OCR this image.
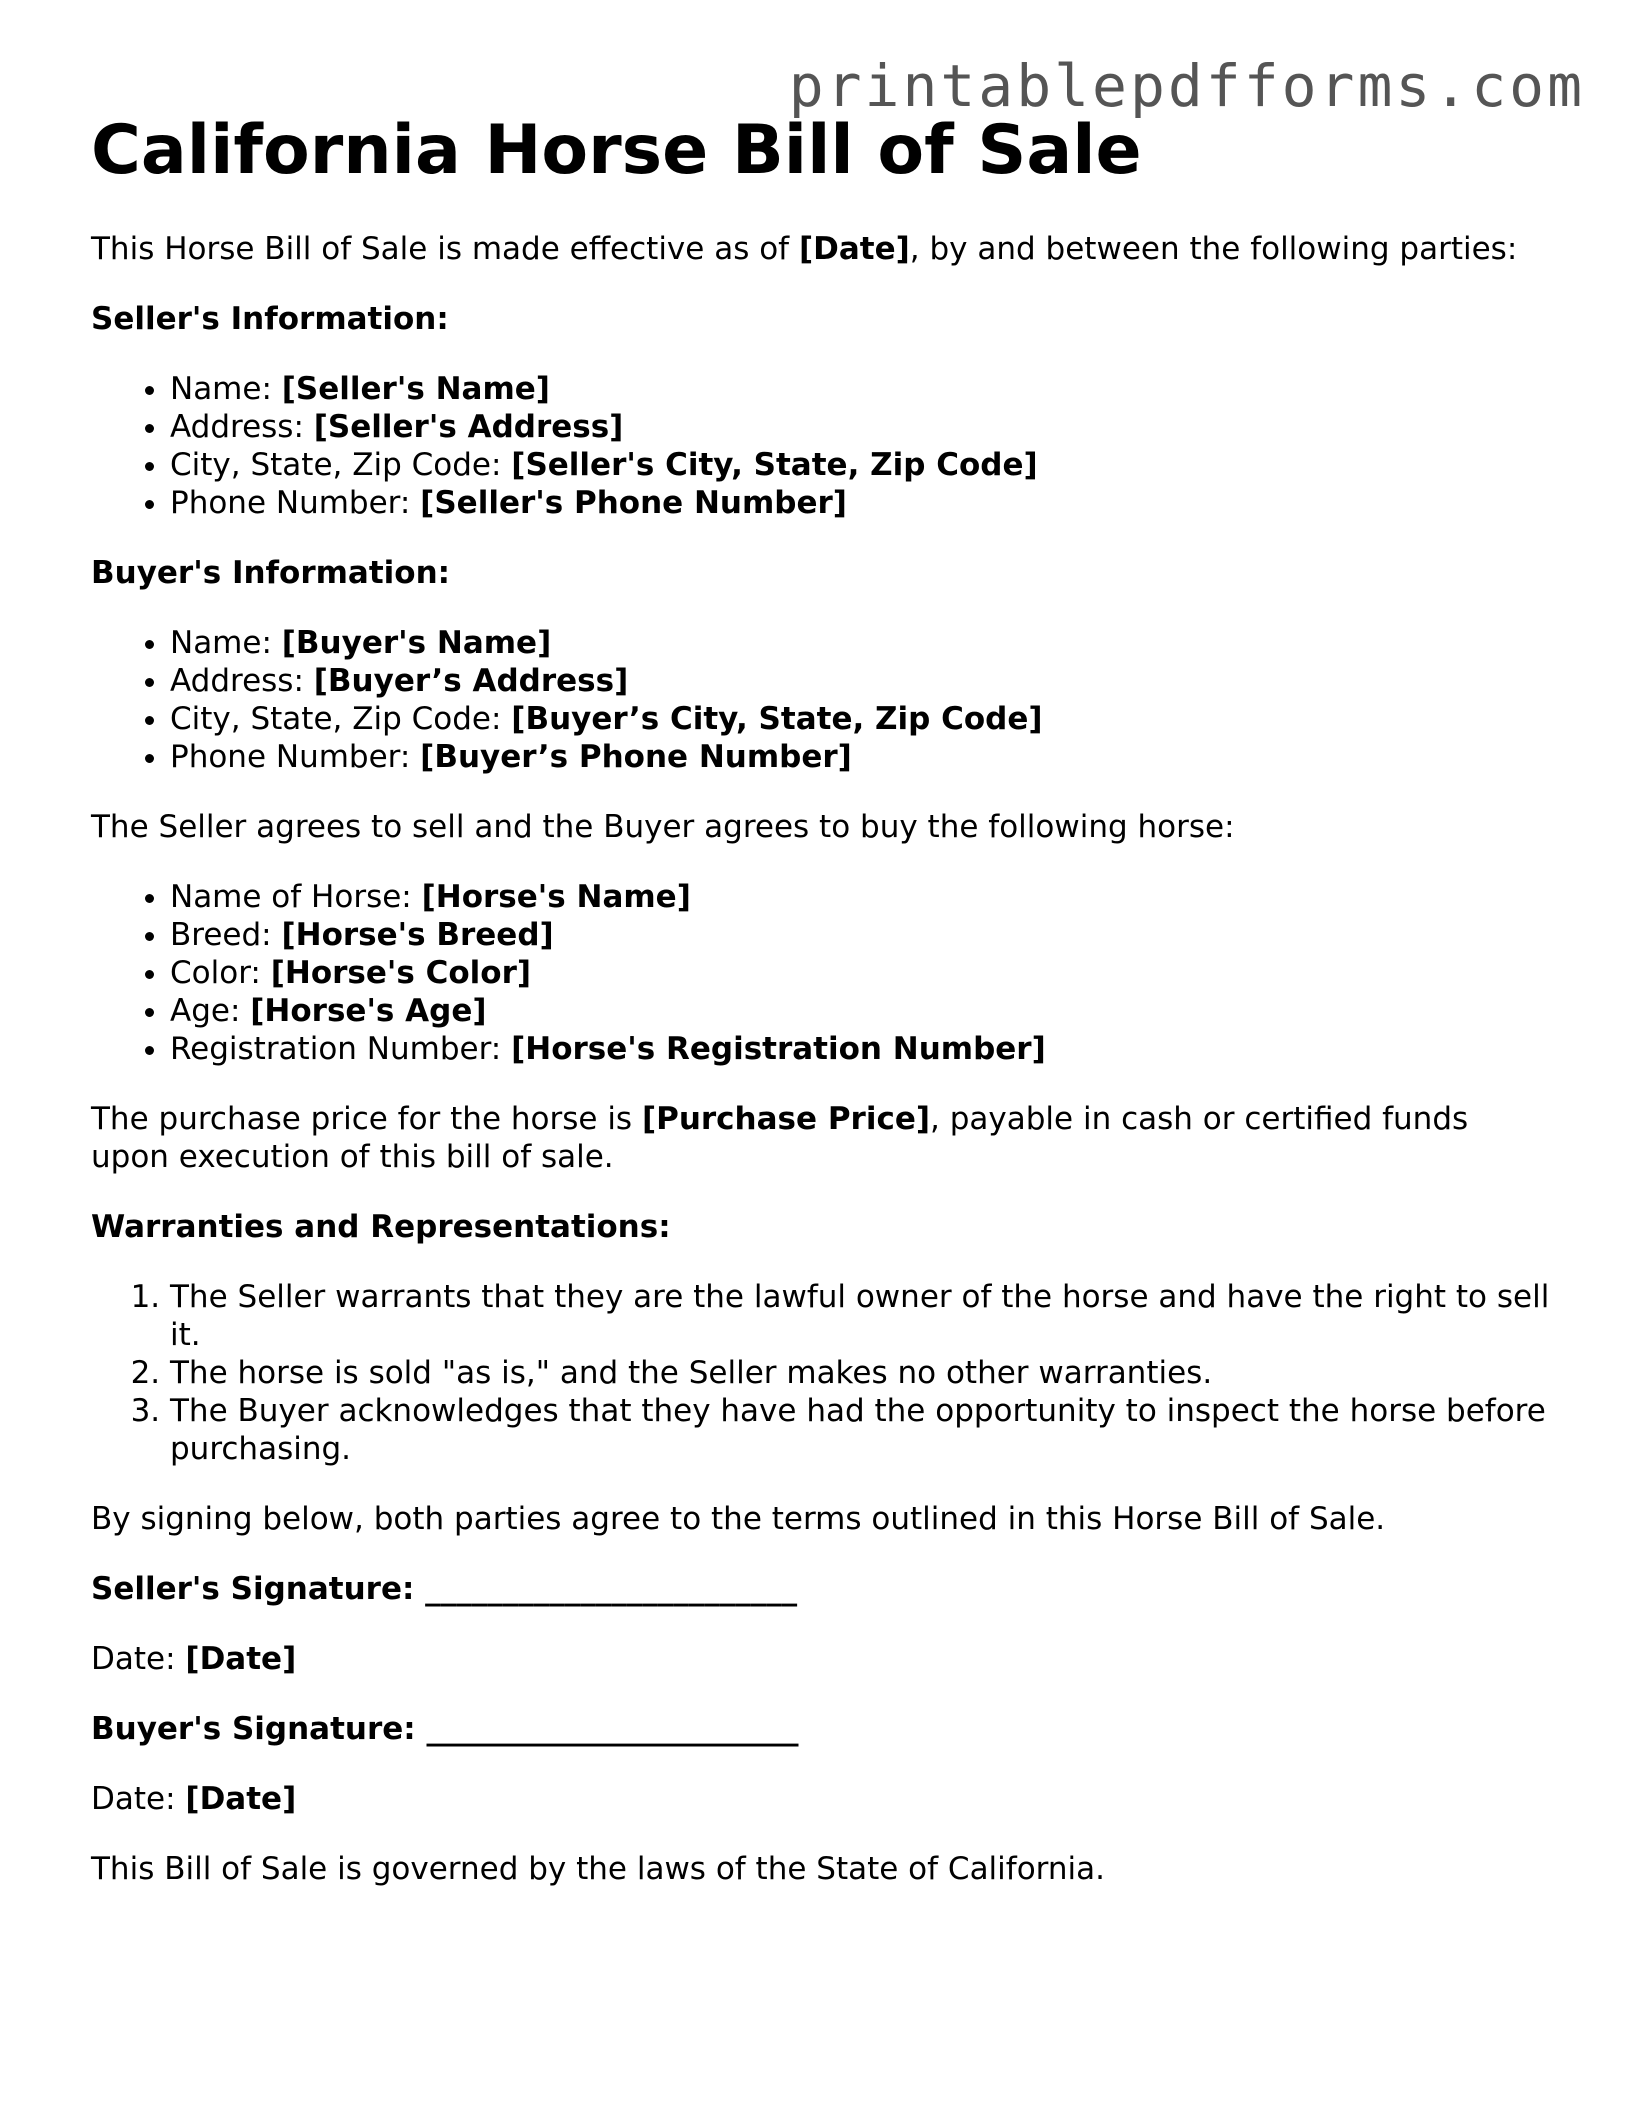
printablepdfforms.com
California Horse Bill of Sale

This Horse Bill of Sale is made effective as of [Date], by and between the following parties:

Seller's Information:

• Name: [Seller's Name]
• Address: [Seller's Address]
• City, State, Zip Code: [Seller's City, State, Zip Code]
• Phone Number: [Seller's Phone Number]

Buyer's Information:

• Name: [Buyer's Name]
• Address: [Buyer’s Address]
• City, State, Zip Code: [Buyer’s City, State, Zip Code]
• Phone Number: [Buyer’s Phone Number]

The Seller agrees to sell and the Buyer agrees to buy the following horse:

• Name of Horse: [Horse's Name]
• Breed: [Horse's Breed]
• Color: [Horse's Color]
• Age: [Horse's Age]
• Registration Number: [Horse's Registration Number]

The purchase price for the horse is [Purchase Price], payable in cash or certified funds upon execution of this bill of sale.

Warranties and Representations:

1. The Seller warrants that they are the lawful owner of the horse and have the right to sell it.
2. The horse is sold "as is," and the Seller makes no other warranties.
3. The Buyer acknowledges that they have had the opportunity to inspect the horse before purchasing.

By signing below, both parties agree to the terms outlined in this Horse Bill of Sale.

Seller's Signature: ________________________

Date: [Date]

Buyer's Signature: ________________________

Date: [Date]

This Bill of Sale is governed by the laws of the State of California.
